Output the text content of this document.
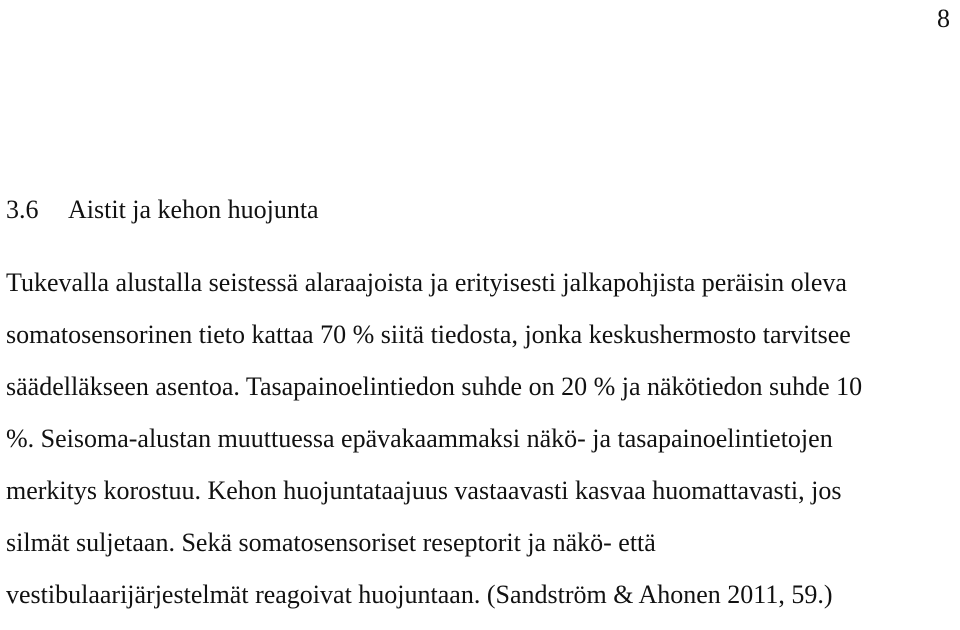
8
3.6 Aistit ja kehon huojunta
Tukevalla alustalla seistessä alaraajoista ja erityisesti jalkapohjista peräisin oleva
somatosensorinen tieto kattaa 70 % siitä tiedosta, jonka keskushermosto tarvitsee
säädelläkseen asentoa. Tasapainoelintiedon suhde on 20 % ja näkötiedon suhde 10
%. Seisoma-alustan muuttuessa epävakaammaksi näkö- ja tasapainoelintietojen
merkitys korostuu. Kehon huojuntataajuus vastaavasti kasvaa huomattavasti, jos
silmät suljetaan. Sekä somatosensoriset reseptorit ja näkö- että
vestibulaarijärjestelmät reagoivat huojuntaan. (Sandström & Ahonen 2011, 59.)
